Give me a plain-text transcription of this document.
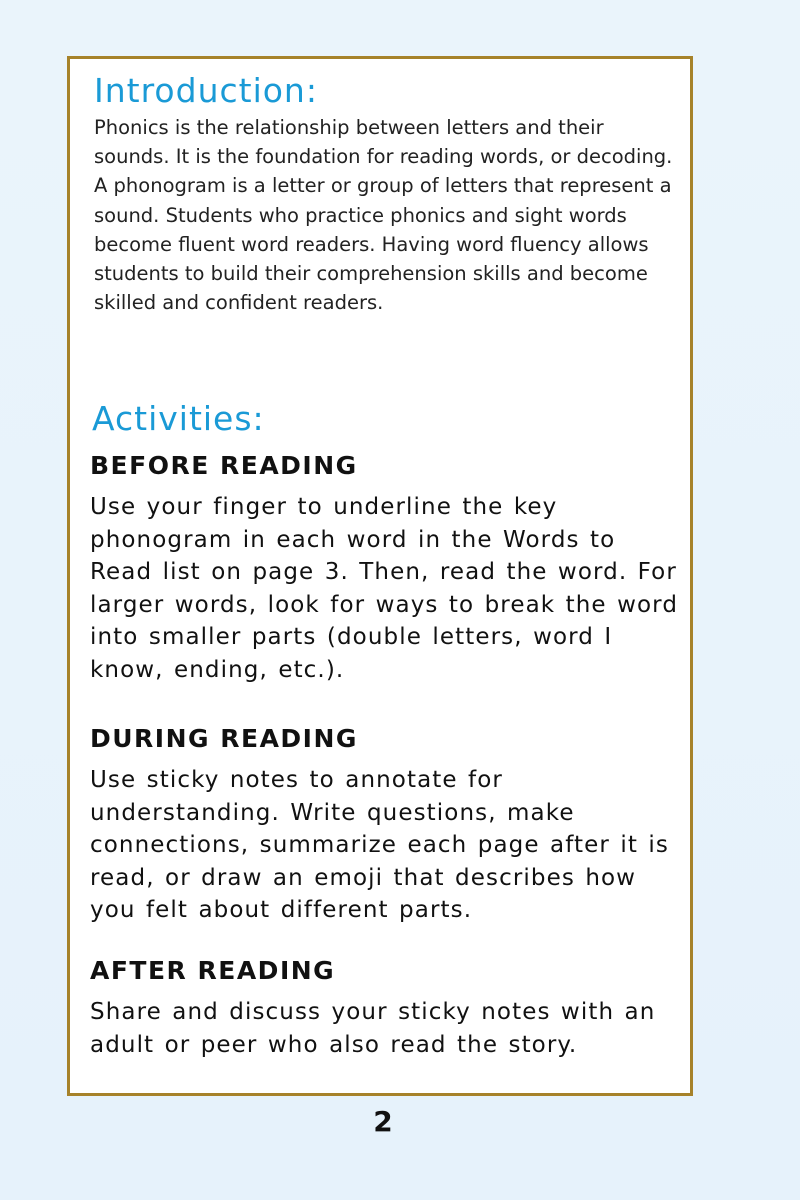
Introduction:

Phonics is the relationship between letters and their sounds. It is the foundation for reading words, or decoding. A phonogram is a letter or group of letters that represent a sound. Students who practice phonics and sight words become fluent word readers. Having word fluency allows students to build their comprehension skills and become skilled and confident readers.

Activities:
BEFORE READING

Use your finger to underline the key phonogram in each word in the Words to Read list on page 3. Then, read the word. For larger words, look for ways to break the word into smaller parts (double letters, word I know, ending, etc.).

DURING READING

Use sticky notes to annotate for understanding. Write questions, make connections, summarize each page after it is read, or draw an emoji that describes how you felt about different parts.

AFTER READING

Share and discuss your sticky notes with an adult or peer who also read the story.

2
